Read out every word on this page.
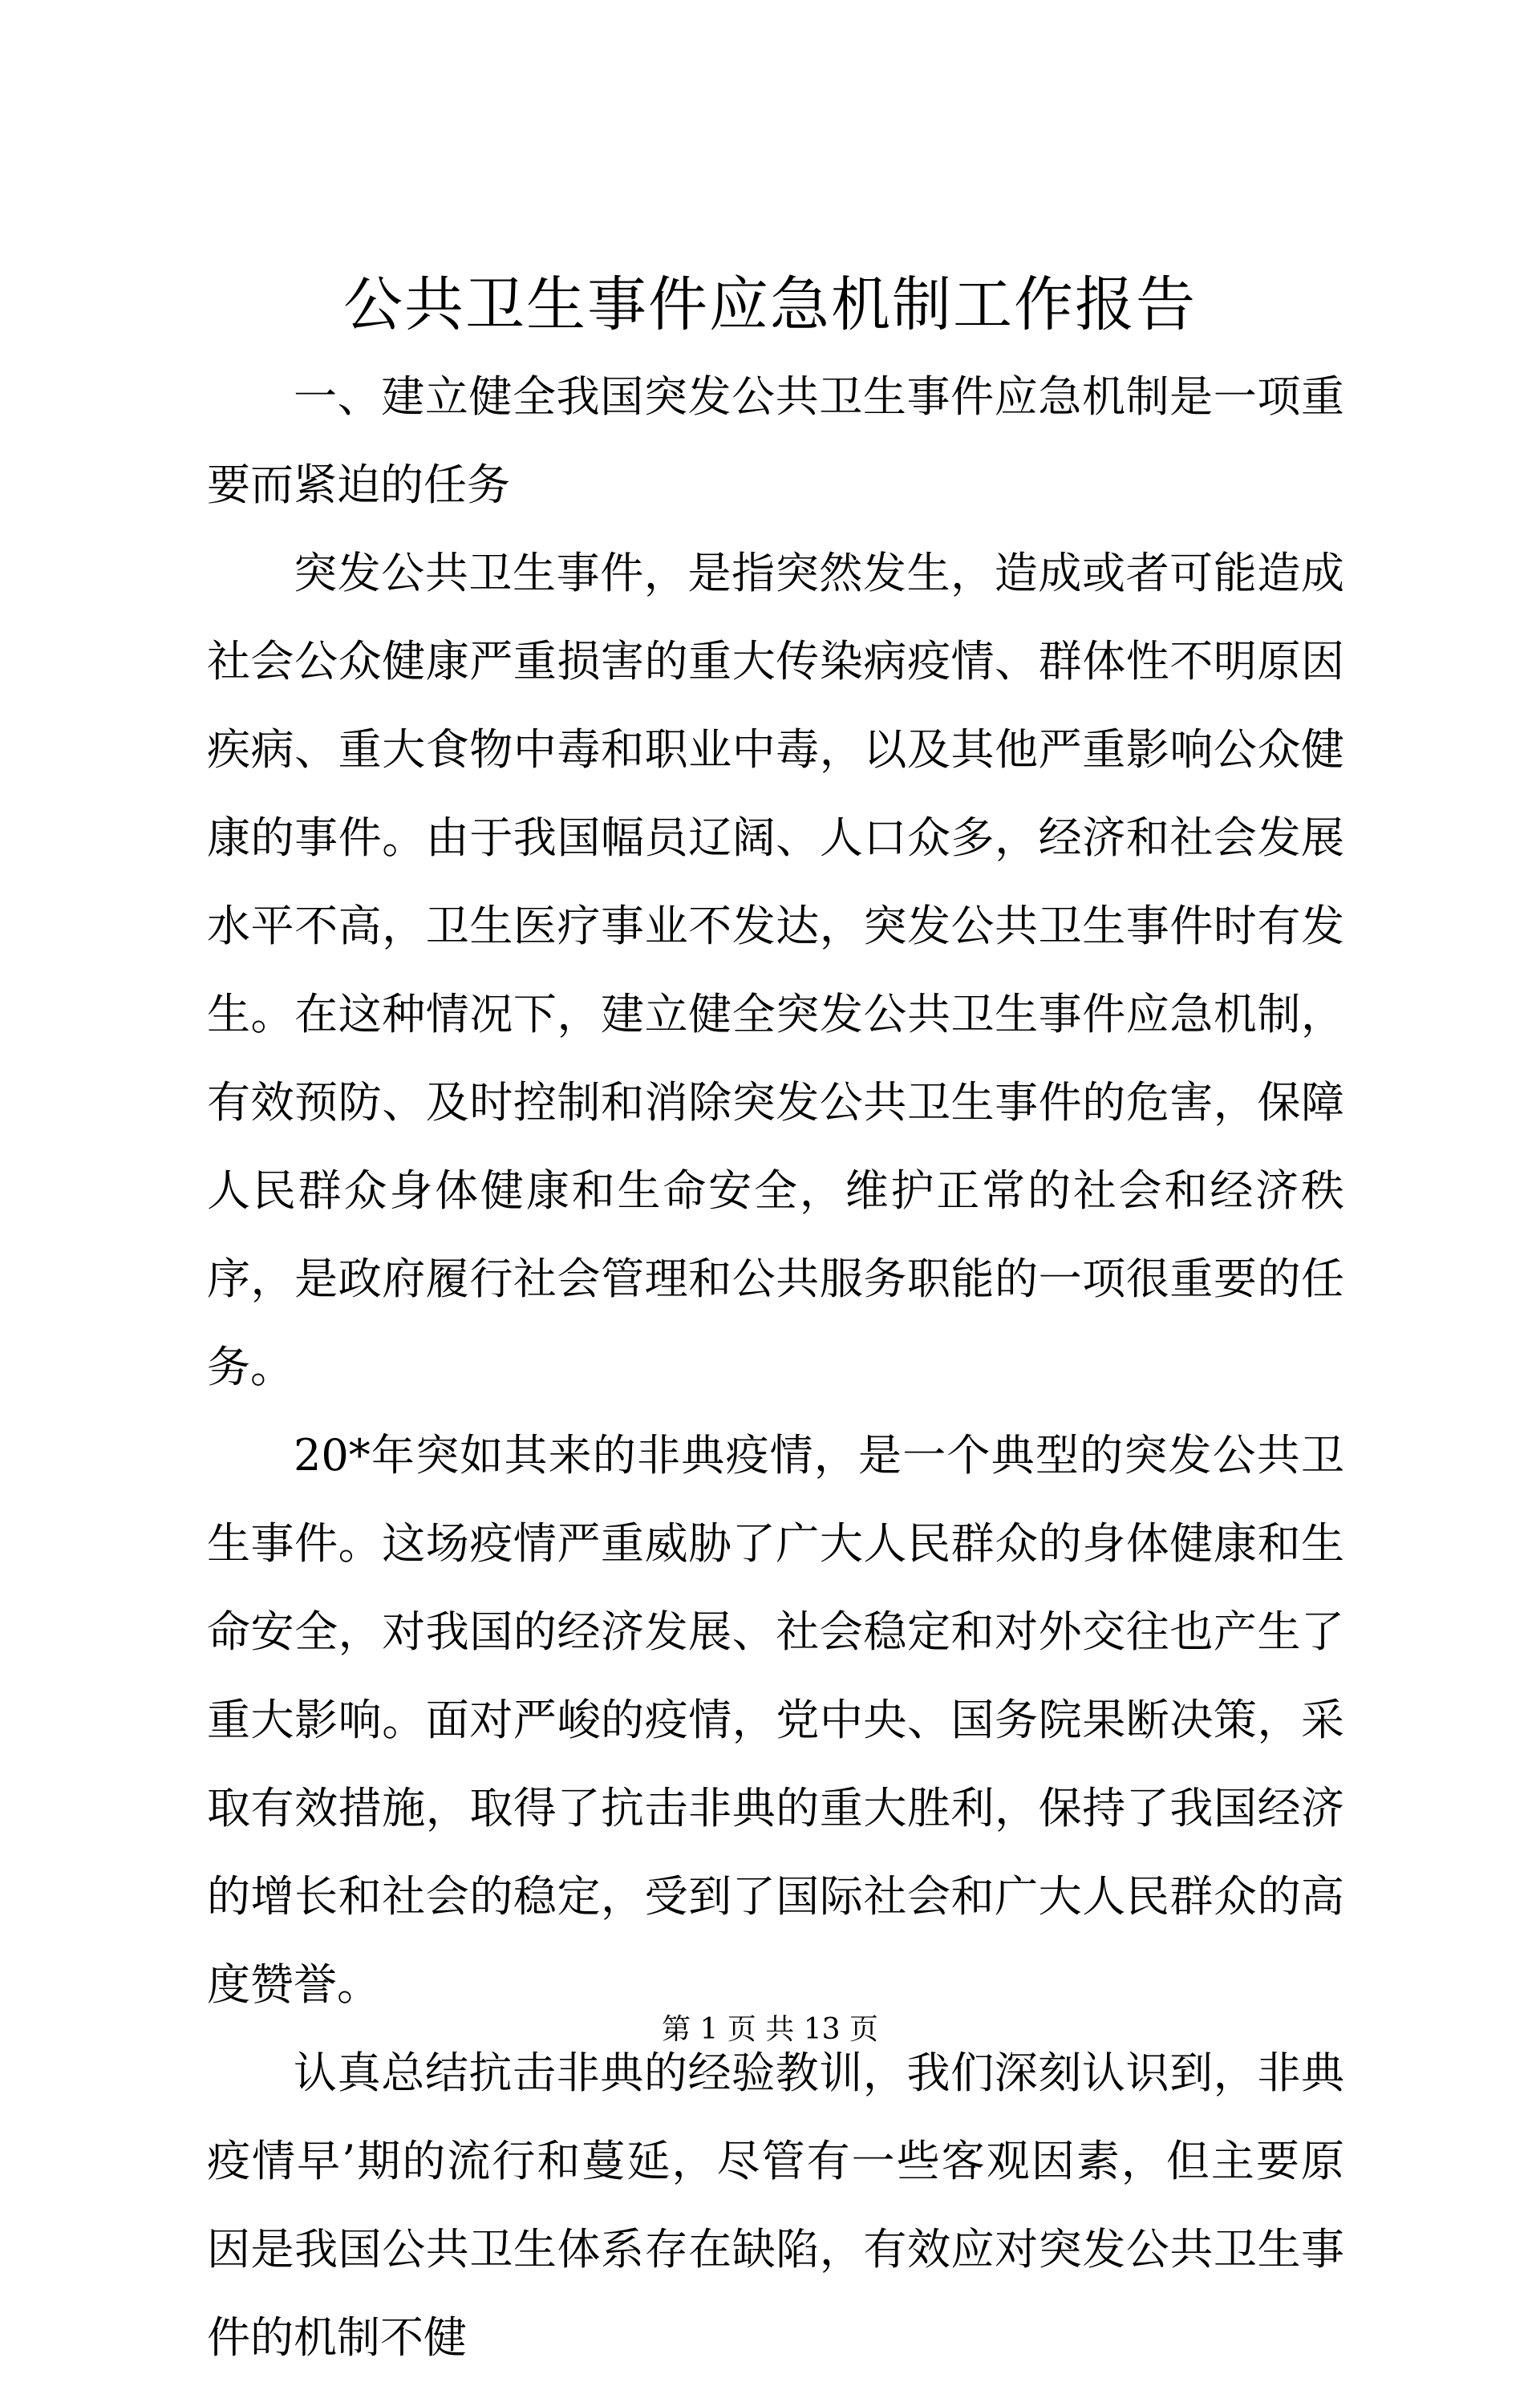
公共卫生事件应急机制工作报告

一、建立健全我国突发公共卫生事件应急机制是一项重要而紧迫的任务

突发公共卫生事件，是指突然发生，造成或者可能造成社会公众健康严重损害的重大传染病疫情、群体性不明原因疾病、重大食物中毒和职业中毒，以及其他严重影响公众健康的事件。由于我国幅员辽阔、人口众多，经济和社会发展水平不高，卫生医疗事业不发达，突发公共卫生事件时有发生。在这种情况下，建立健全突发公共卫生事件应急机制，有效预防、及时控制和消除突发公共卫生事件的危害，保障人民群众身体健康和生命安全，维护正常的社会和经济秩序，是政府履行社会管理和公共服务职能的一项很重要的任务。

20*年突如其来的非典疫情，是一个典型的突发公共卫生事件。这场疫情严重威胁了广大人民群众的身体健康和生命安全，对我国的经济发展、社会稳定和对外交往也产生了重大影响。面对严峻的疫情，党中央、国务院果断决策，采取有效措施，取得了抗击非典的重大胜利，保持了我国经济的增长和社会的稳定，受到了国际社会和广大人民群众的高度赞誉。

认真总结抗击非典的经验教训，我们深刻认识到，非典疫情早’期的流行和蔓延，尽管有一些客观因素，但主要原因是我国公共卫生体系存在缺陷，有效应对突发公共卫生事件的机制不健

第 1 页 共 13 页
